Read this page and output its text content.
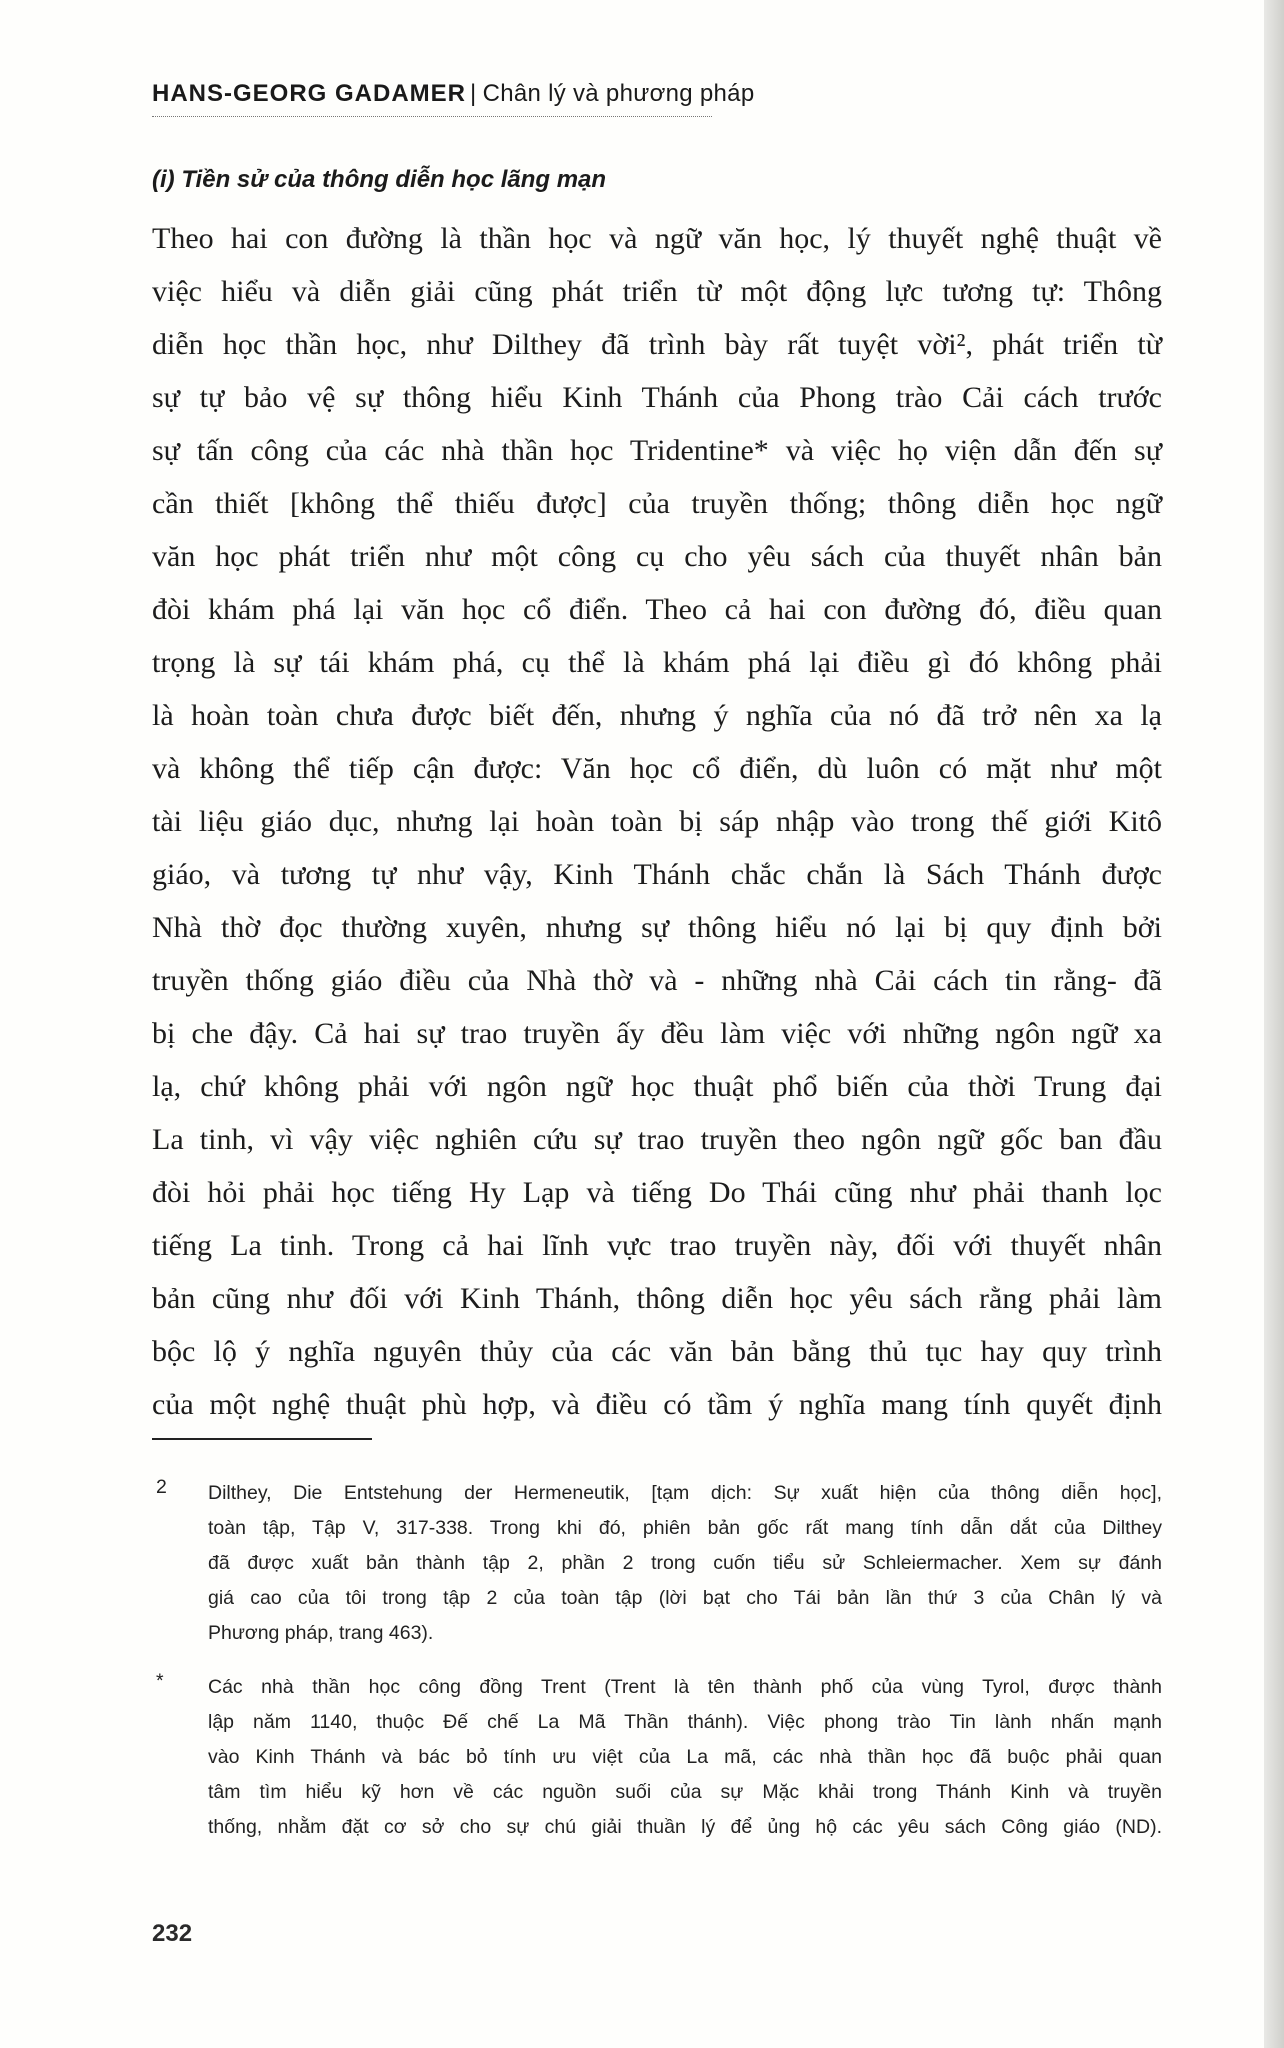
HANS-GEORG GADAMER | Chân lý và phương pháp
(i) Tiền sử của thông diễn học lãng mạn
Theo hai con đường là thần học và ngữ văn học, lý thuyết nghệ thuật về
việc hiểu và diễn giải cũng phát triển từ một động lực tương tự: Thông
diễn học thần học, như Dilthey đã trình bày rất tuyệt vời², phát triển từ
sự tự bảo vệ sự thông hiểu Kinh Thánh của Phong trào Cải cách trước
sự tấn công của các nhà thần học Tridentine* và việc họ viện dẫn đến sự
cần thiết [không thể thiếu được] của truyền thống; thông diễn học ngữ
văn học phát triển như một công cụ cho yêu sách của thuyết nhân bản
đòi khám phá lại văn học cổ điển. Theo cả hai con đường đó, điều quan
trọng là sự tái khám phá, cụ thể là khám phá lại điều gì đó không phải
là hoàn toàn chưa được biết đến, nhưng ý nghĩa của nó đã trở nên xa lạ
và không thể tiếp cận được: Văn học cổ điển, dù luôn có mặt như một
tài liệu giáo dục, nhưng lại hoàn toàn bị sáp nhập vào trong thế giới Kitô
giáo, và tương tự như vậy, Kinh Thánh chắc chắn là Sách Thánh được
Nhà thờ đọc thường xuyên, nhưng sự thông hiểu nó lại bị quy định bởi
truyền thống giáo điều của Nhà thờ và - những nhà Cải cách tin rằng- đã
bị che đậy. Cả hai sự trao truyền ấy đều làm việc với những ngôn ngữ xa
lạ, chứ không phải với ngôn ngữ học thuật phổ biến của thời Trung đại
La tinh, vì vậy việc nghiên cứu sự trao truyền theo ngôn ngữ gốc ban đầu
đòi hỏi phải học tiếng Hy Lạp và tiếng Do Thái cũng như phải thanh lọc
tiếng La tinh. Trong cả hai lĩnh vực trao truyền này, đối với thuyết nhân
bản cũng như đối với Kinh Thánh, thông diễn học yêu sách rằng phải làm
bộc lộ ý nghĩa nguyên thủy của các văn bản bằng thủ tục hay quy trình
của một nghệ thuật phù hợp, và điều có tầm ý nghĩa mang tính quyết định
2 Dilthey, Die Entstehung der Hermeneutik, [tạm dịch: Sự xuất hiện của thông diễn học],
toàn tập, Tập V, 317-338. Trong khi đó, phiên bản gốc rất mang tính dẫn dắt của Dilthey
đã được xuất bản thành tập 2, phần 2 trong cuốn tiểu sử Schleiermacher. Xem sự đánh
giá cao của tôi trong tập 2 của toàn tập (lời bạt cho Tái bản lần thứ 3 của Chân lý và
Phương pháp, trang 463).
* Các nhà thần học công đồng Trent (Trent là tên thành phố của vùng Tyrol, được thành
lập năm 1140, thuộc Đế chế La Mã Thần thánh). Việc phong trào Tin lành nhấn mạnh
vào Kinh Thánh và bác bỏ tính ưu việt của La mã, các nhà thần học đã buộc phải quan
tâm tìm hiểu kỹ hơn về các nguồn suối của sự Mặc khải trong Thánh Kinh và truyền
thống, nhằm đặt cơ sở cho sự chú giải thuần lý để ủng hộ các yêu sách Công giáo (ND).
232
